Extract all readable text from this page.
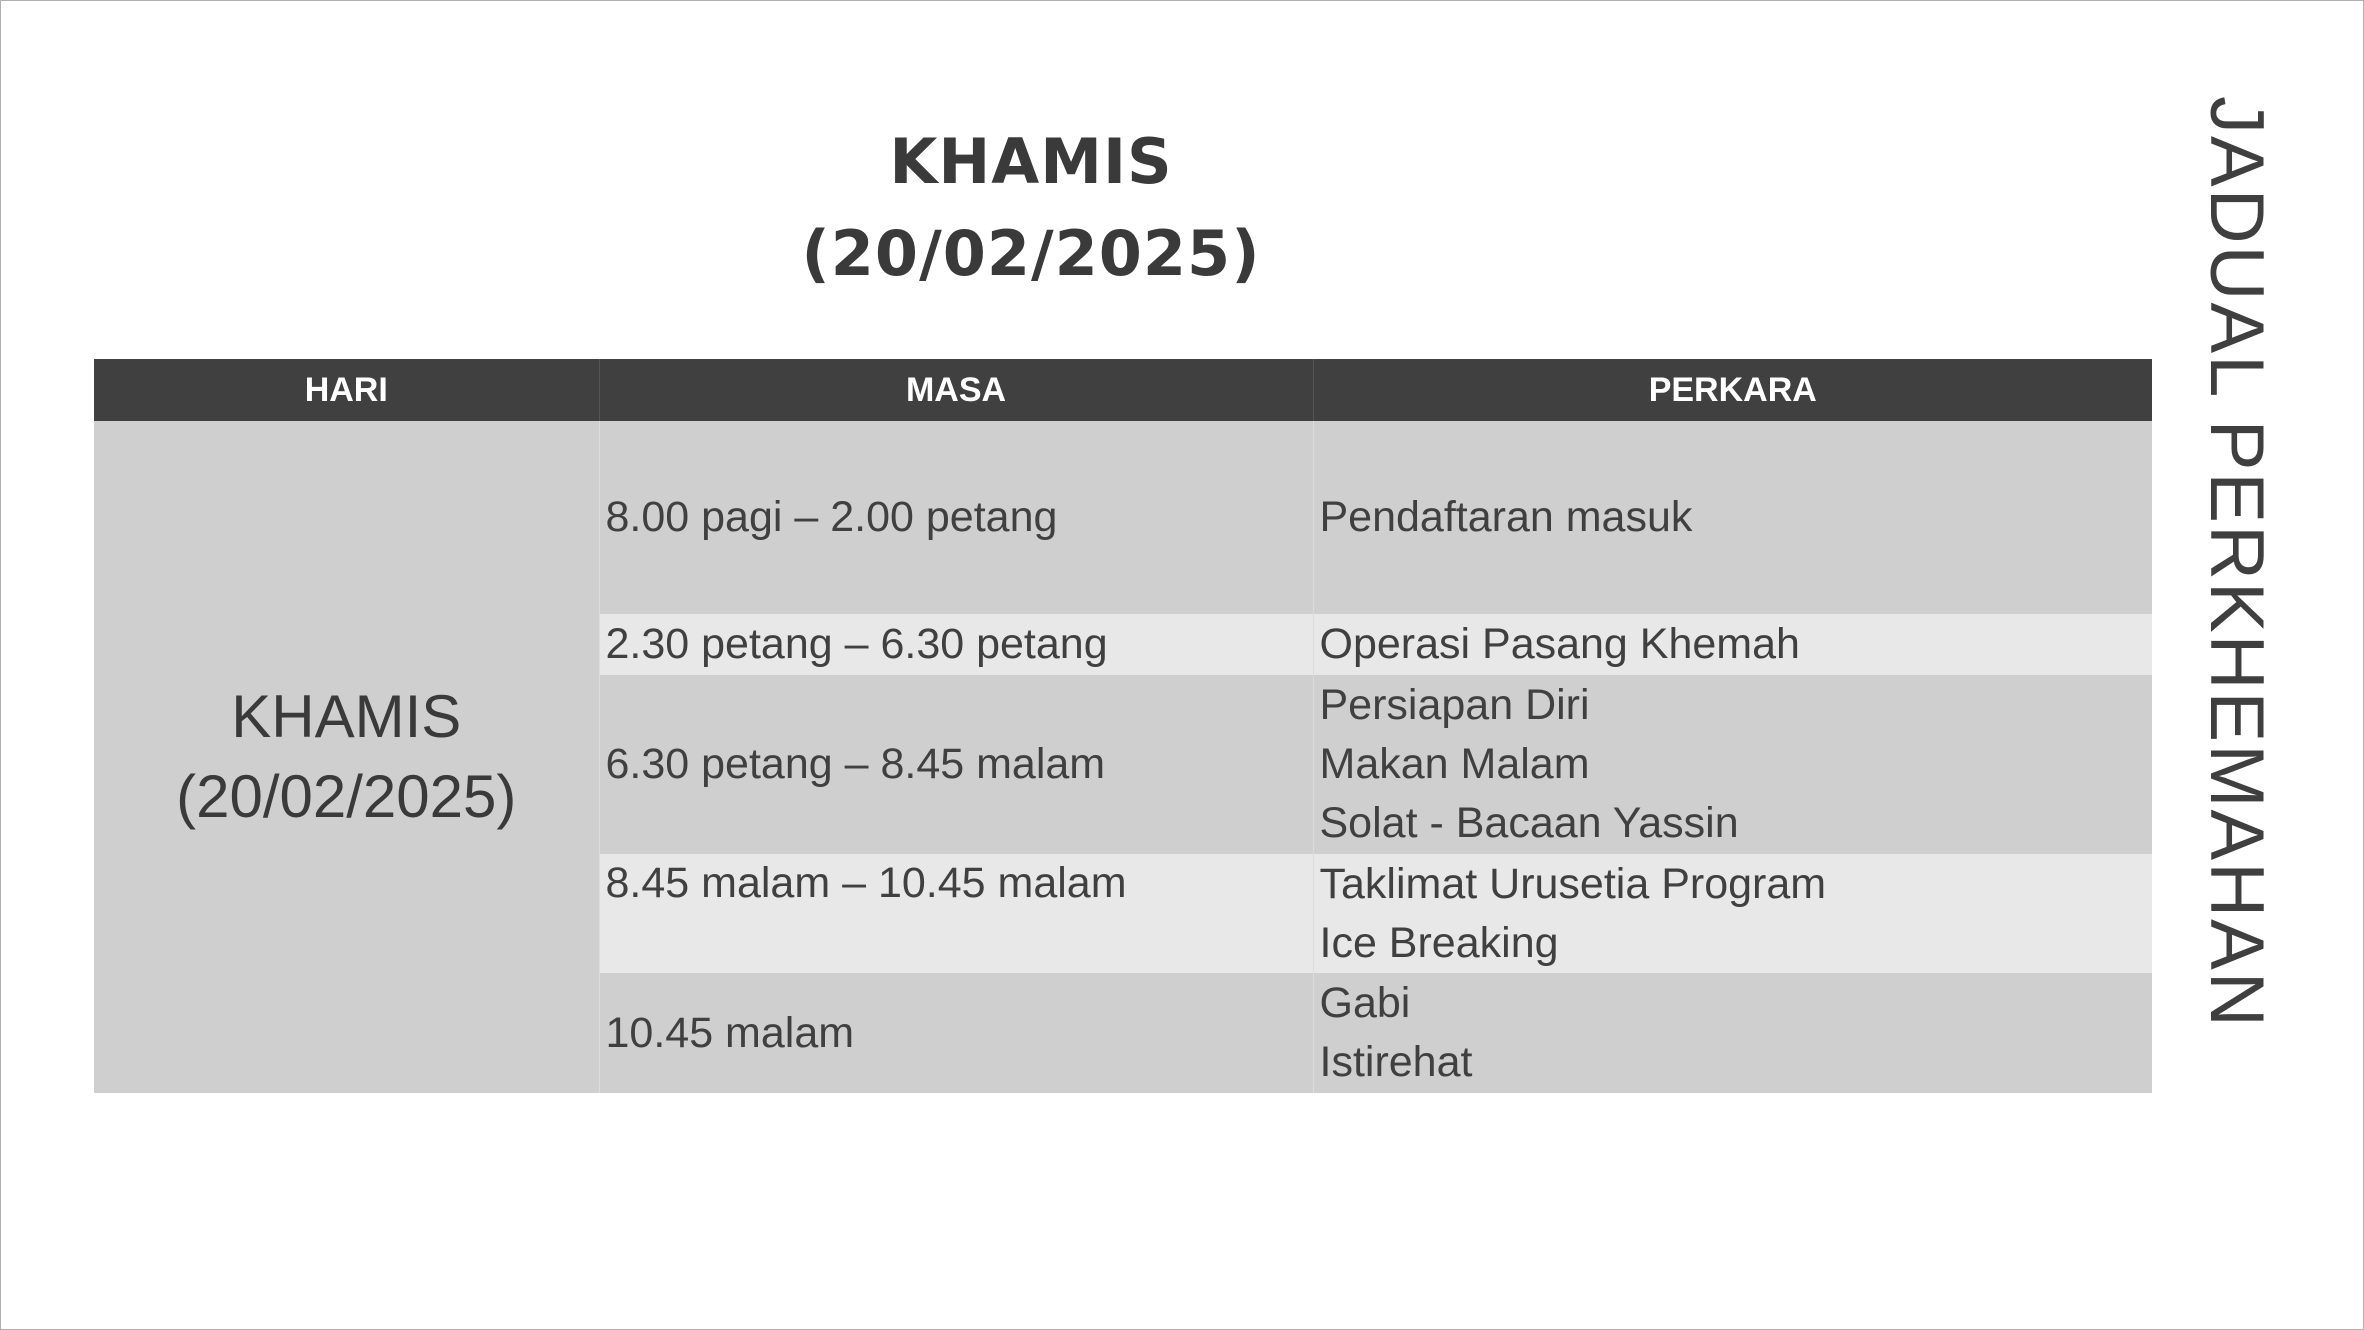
KHAMIS
(20/02/2025)	JADUAL PERKHEMAHAN
HARI	MASA	PERKARA

KHAMIS
(20/02/2025)	8.00 pagi – 2.00 petang	Pendaftaran masuk

	2.30 petang – 6.30 petang	Operasi Pasang Khemah

	6.30 petang – 8.45 malam	Persiapan Diri
Makan Malam
Solat - Bacaan Yassin

	8.45 malam – 10.45 malam	Taklimat Urusetia Program
Ice Breaking

	10.45 malam	Gabi
Istirehat
